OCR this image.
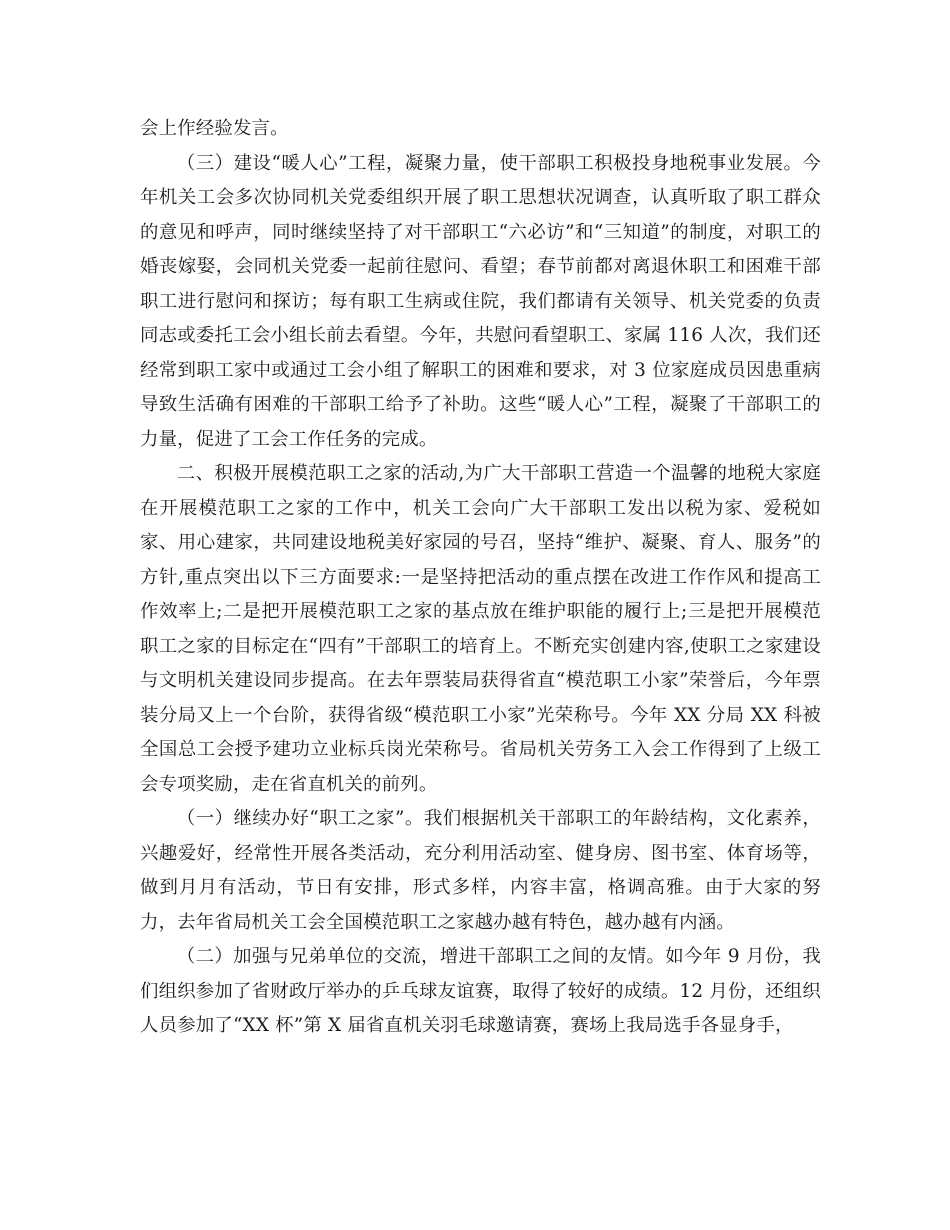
会上作经验发言。

（三）建设“暖人心”工程，凝聚力量，使干部职工积极投身地税事业发展。今年机关工会多次协同机关党委组织开展了职工思想状况调查，认真听取了职工群众的意见和呼声，同时继续坚持了对干部职工“六必访”和“三知道”的制度，对职工的婚丧嫁娶，会同机关党委一起前往慰问、看望；春节前都对离退休职工和困难干部职工进行慰问和探访；每有职工生病或住院，我们都请有关领导、机关党委的负责同志或委托工会小组长前去看望。今年，共慰问看望职工、家属 116 人次，我们还经常到职工家中或通过工会小组了解职工的困难和要求，对 3 位家庭成员因患重病导致生活确有困难的干部职工给予了补助。这些“暖人心”工程，凝聚了干部职工的力量，促进了工会工作任务的完成。

二、积极开展模范职工之家的活动,为广大干部职工营造一个温馨的地税大家庭在开展模范职工之家的工作中，机关工会向广大干部职工发出以税为家、爱税如家、用心建家，共同建设地税美好家园的号召，坚持“维护、凝聚、育人、服务”的方针,重点突出以下三方面要求:一是坚持把活动的重点摆在改进工作作风和提高工作效率上;二是把开展模范职工之家的基点放在维护职能的履行上;三是把开展模范职工之家的目标定在“四有”干部职工的培育上。不断充实创建内容,使职工之家建设与文明机关建设同步提高。在去年票装局获得省直“模范职工小家”荣誉后，今年票装分局又上一个台阶，获得省级“模范职工小家”光荣称号。今年 XX 分局 XX 科被全国总工会授予建功立业标兵岗光荣称号。省局机关劳务工入会工作得到了上级工会专项奖励，走在省直机关的前列。

（一）继续办好“职工之家”。我们根据机关干部职工的年龄结构，文化素养，兴趣爱好，经常性开展各类活动，充分利用活动室、健身房、图书室、体育场等，做到月月有活动，节日有安排，形式多样，内容丰富，格调高雅。由于大家的努力，去年省局机关工会全国模范职工之家越办越有特色，越办越有内涵。

（二）加强与兄弟单位的交流，增进干部职工之间的友情。如今年 9 月份，我们组织参加了省财政厅举办的乒乓球友谊赛，取得了较好的成绩。12 月份，还组织人员参加了“XX 杯”第 X 届省直机关羽毛球邀请赛，赛场上我局选手各显身手，
